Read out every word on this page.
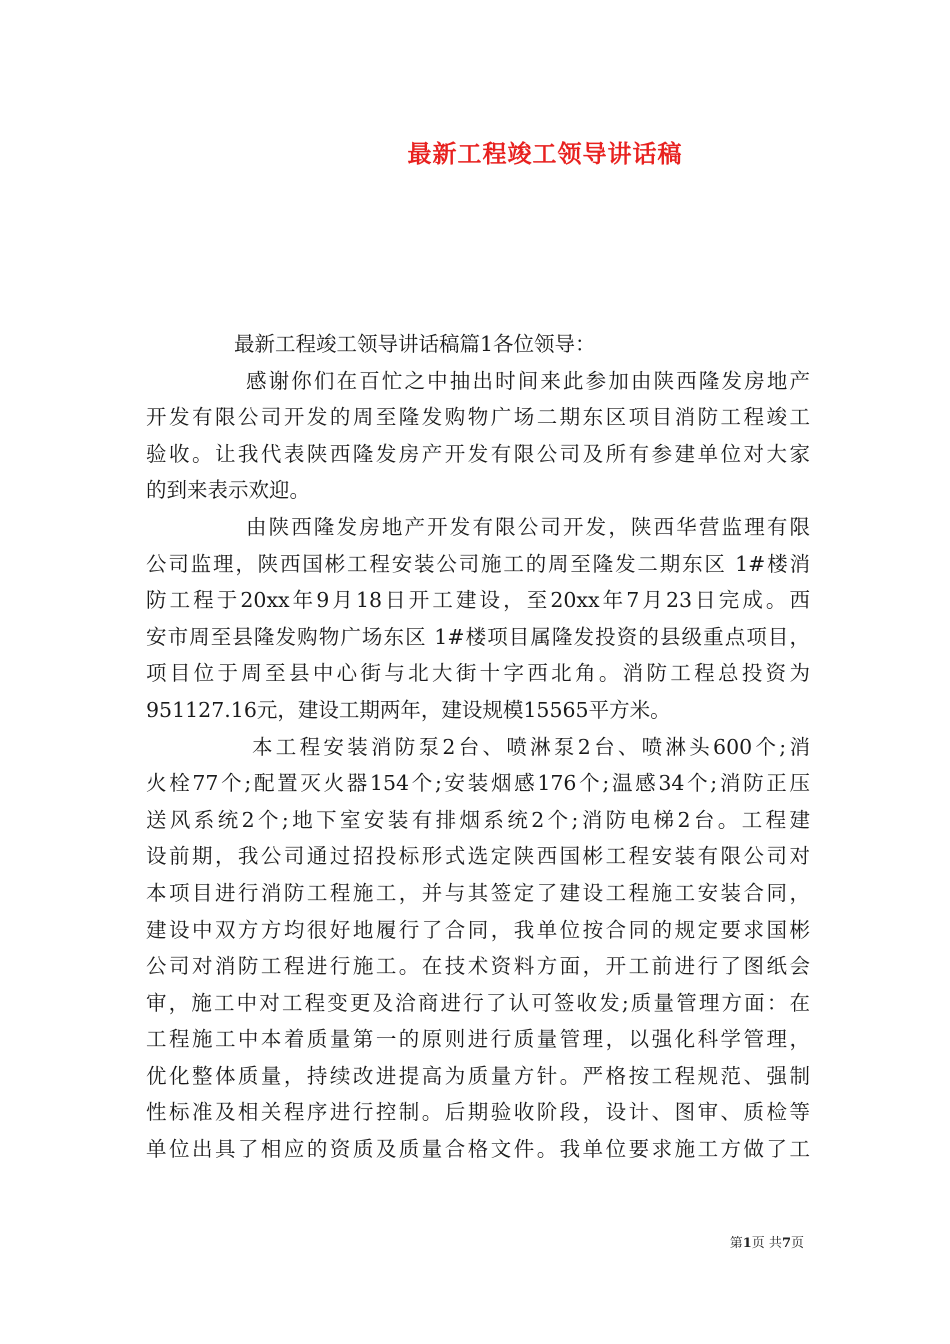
最新工程竣工领导讲话稿
最新工程竣工领导讲话稿篇1各位领导：
感谢你们在百忙之中抽出时间来此参加由陕西隆发房地产
开发有限公司开发的周至隆发购物广场二期东区项目消防工程竣工
验收。让我代表陕西隆发房产开发有限公司及所有参建单位对大家
的到来表示欢迎。
由陕西隆发房地产开发有限公司开发，陕西华营监理有限
公司监理，陕西国彬工程安装公司施工的周至隆发二期东区 1#楼消
防工程于20xx年9月18日开工建设，至20xx年7月23日完成。西
安市周至县隆发购物广场东区 1#楼项目属隆发投资的县级重点项目，
项目位于周至县中心街与北大街十字西北角。消防工程总投资为
951127.16元，建设工期两年，建设规模15565平方米。
本工程安装消防泵2台、喷淋泵2台、喷淋头600个;消
火栓77个;配置灭火器154个;安装烟感176个;温感34个;消防正压
送风系统2个;地下室安装有排烟系统2个;消防电梯2台。工程建
设前期，我公司通过招投标形式选定陕西国彬工程安装有限公司对
本项目进行消防工程施工，并与其签定了建设工程施工安装合同，
建设中双方方均很好地履行了合同，我单位按合同的规定要求国彬
公司对消防工程进行施工。在技术资料方面，开工前进行了图纸会
审，施工中对工程变更及洽商进行了认可签收发;质量管理方面：在
工程施工中本着质量第一的原则进行质量管理，以强化科学管理，
优化整体质量，持续改进提高为质量方针。严格按工程规范、强制
性标准及相关程序进行控制。后期验收阶段，设计、图审、质检等
单位出具了相应的资质及质量合格文件。我单位要求施工方做了工
第1页 共7页
